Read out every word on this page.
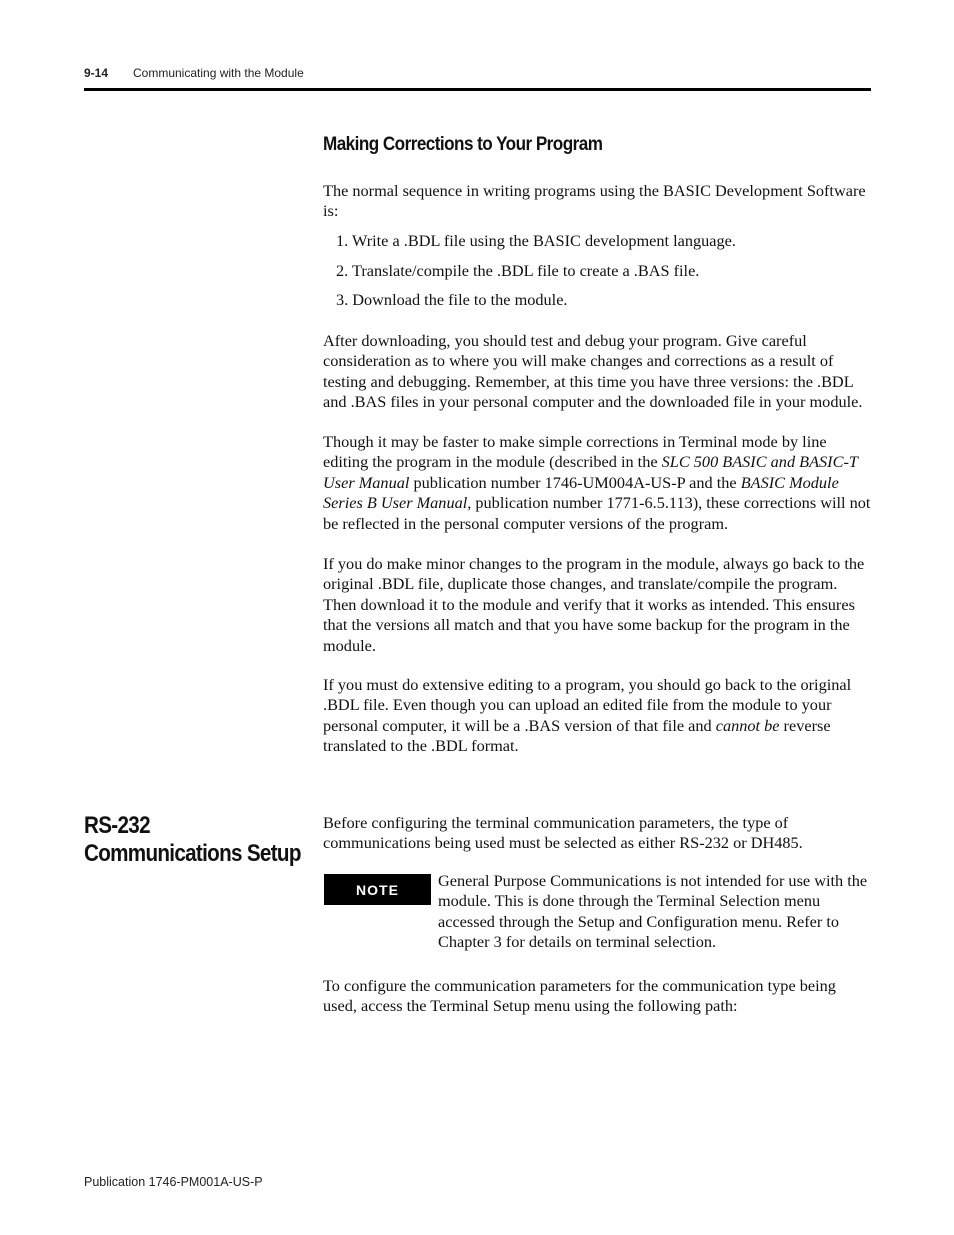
9-14 Communicating with the Module
Making Corrections to Your Program

The normal sequence in writing programs using the BASIC Development Software is:

1. Write a .BDL file using the BASIC development language.
2. Translate/compile the .BDL file to create a .BAS file.
3. Download the file to the module.

After downloading, you should test and debug your program. Give careful consideration as to where you will make changes and corrections as a result of testing and debugging. Remember, at this time you have three versions: the .BDL and .BAS files in your personal computer and the downloaded file in your module.

Though it may be faster to make simple corrections in Terminal mode by line editing the program in the module (described in the SLC 500 BASIC and BASIC-T User Manual publication number 1746-UM004A-US-P and the BASIC Module Series B User Manual, publication number 1771-6.5.113), these corrections will not be reflected in the personal computer versions of the program.

If you do make minor changes to the program in the module, always go back to the original .BDL file, duplicate those changes, and translate/compile the program. Then download it to the module and verify that it works as intended. This ensures that the versions all match and that you have some backup for the program in the module.

If you must do extensive editing to a program, you should go back to the original .BDL file. Even though you can upload an edited file from the module to your personal computer, it will be a .BAS version of that file and cannot be reverse translated to the .BDL format.

RS-232 Communications Setup

Before configuring the terminal communication parameters, the type of communications being used must be selected as either RS-232 or DH485.

NOTE	General Purpose Communications is not intended for use with the module. This is done through the Terminal Selection menu accessed through the Setup and Configuration menu. Refer to Chapter 3 for details on terminal selection.

To configure the communication parameters for the communication type being used, access the Terminal Setup menu using the following path:

Publication 1746-PM001A-US-P
